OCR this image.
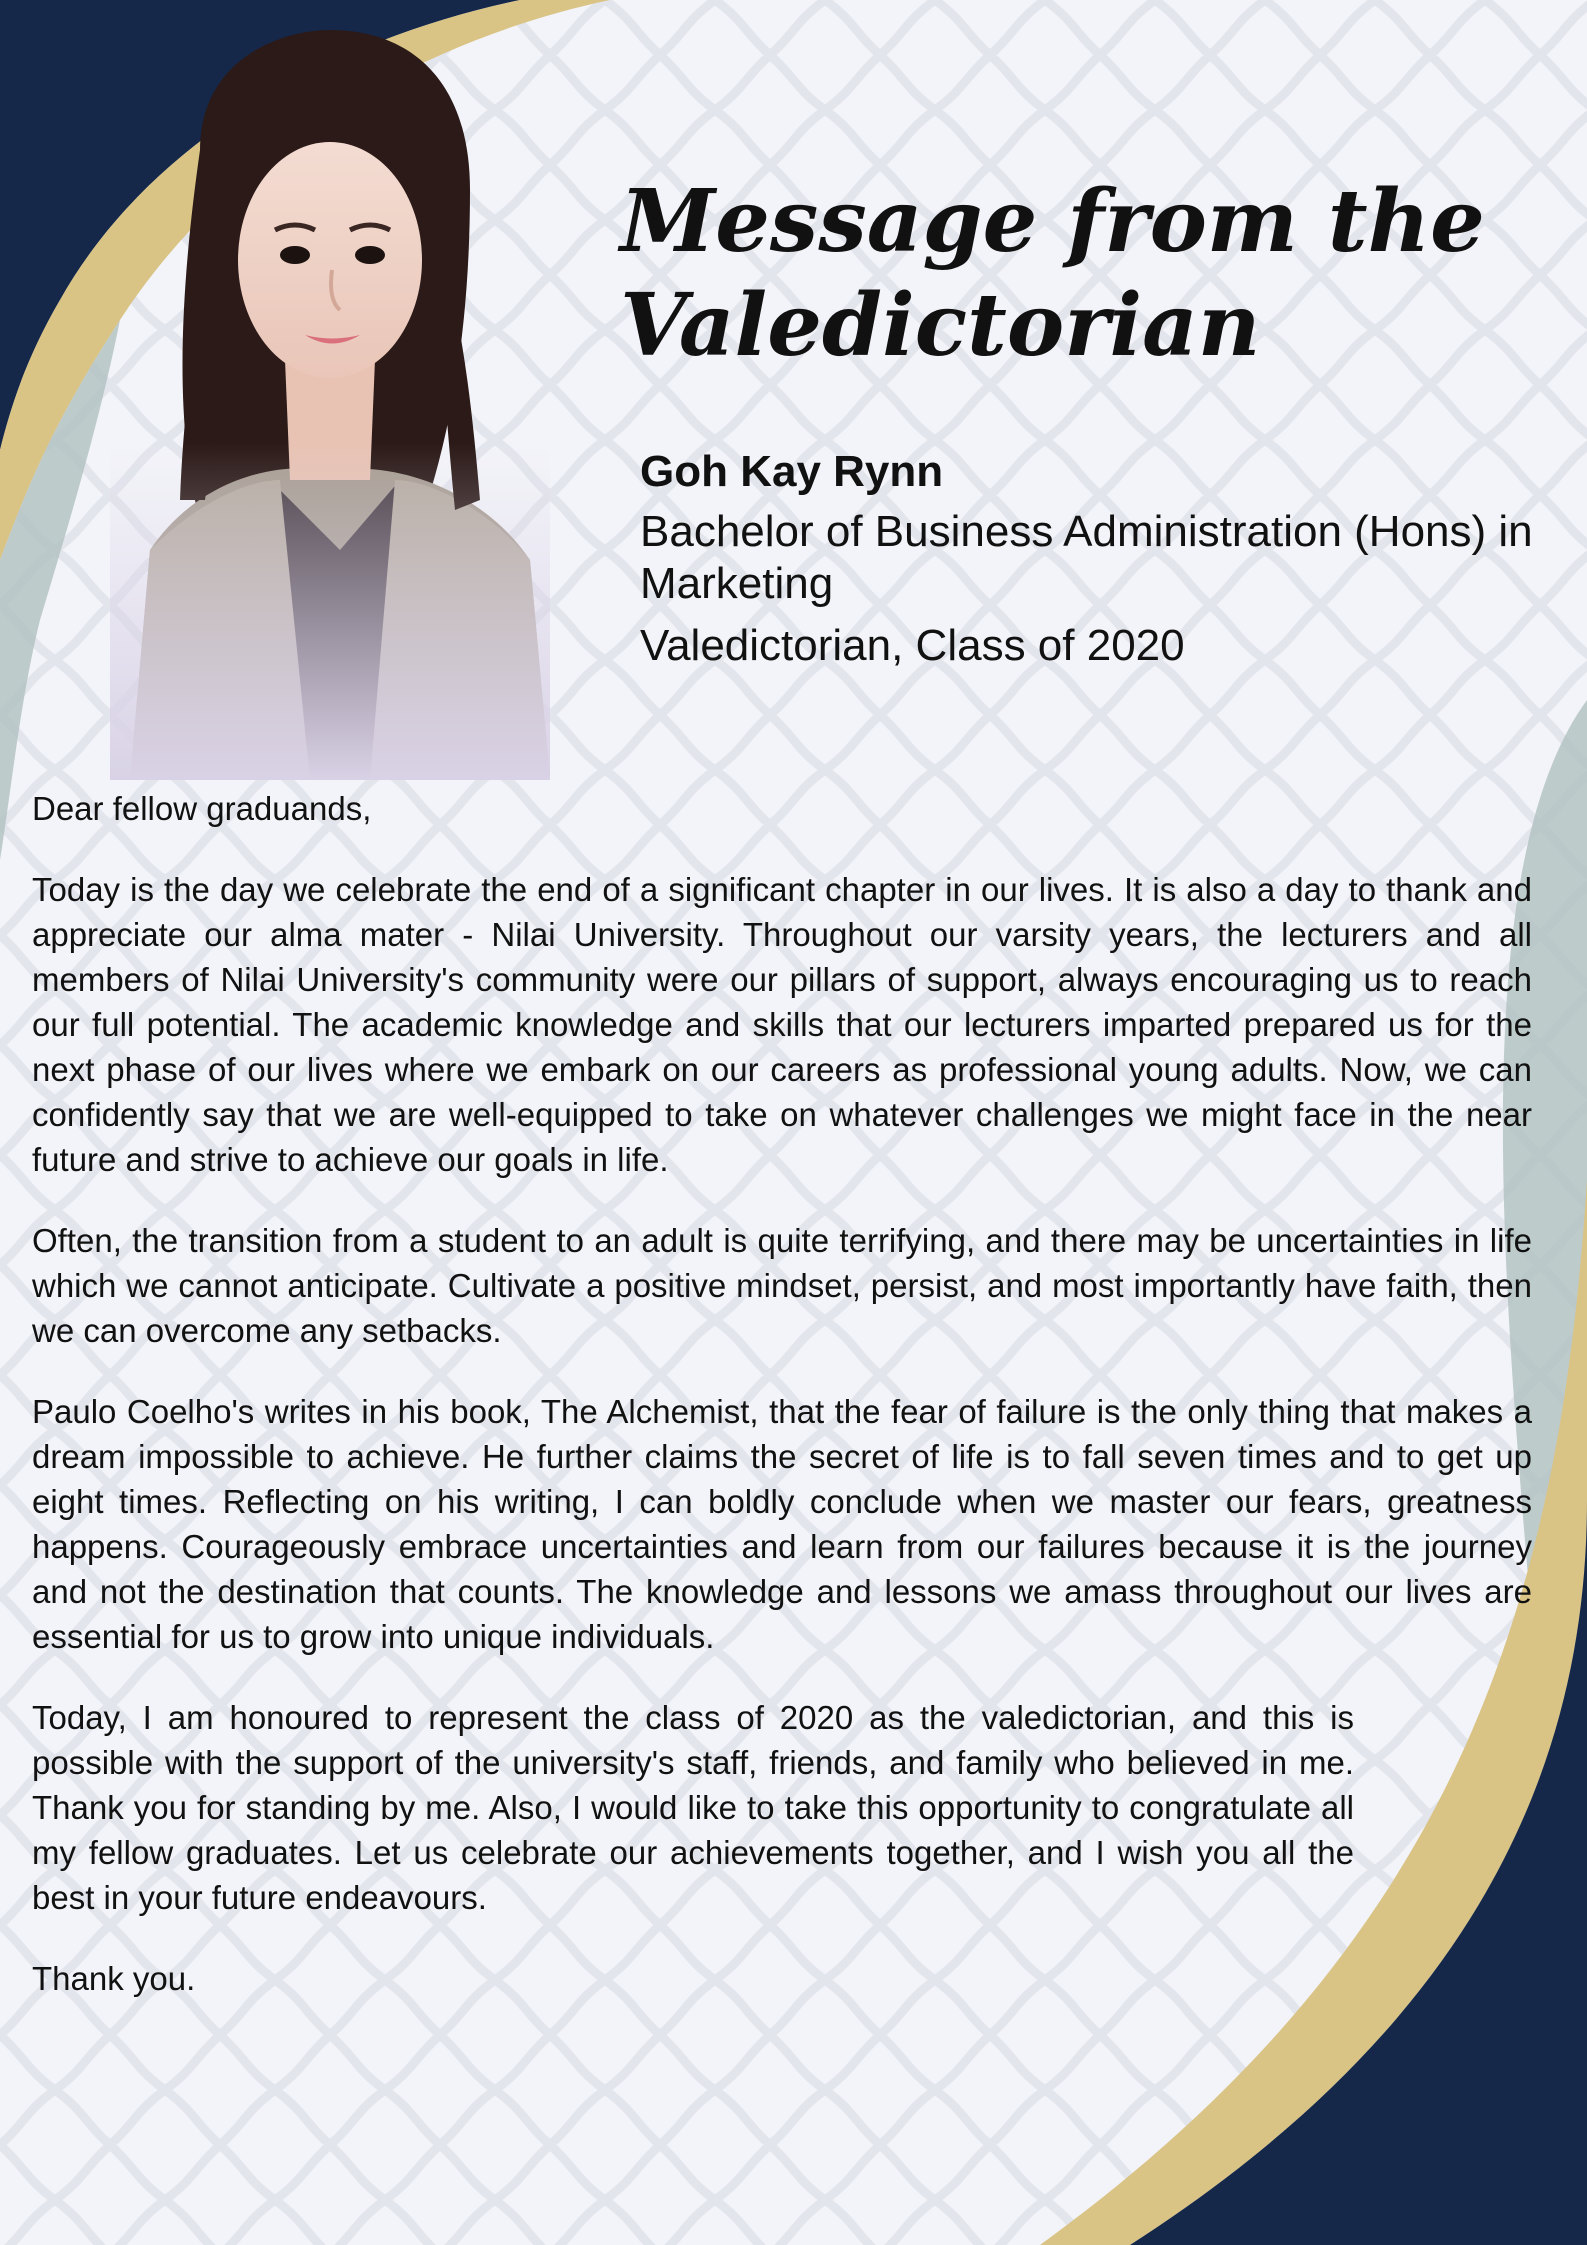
Message from the
Valedictorian
Goh Kay Rynn
Bachelor of Business Administration (Hons) in Marketing
Valedictorian, Class of 2020

Dear fellow graduands,

Today is the day we celebrate the end of a significant chapter in our lives. It is also a day to thank and appreciate our alma mater - Nilai University. Throughout our varsity years, the lecturers and all members of Nilai University's community were our pillars of support, always encouraging us to reach our full potential. The academic knowledge and skills that our lecturers imparted prepared us for the next phase of our lives where we embark on our careers as professional young adults. Now, we can confidently say that we are well-equipped to take on whatever challenges we might face in the near future and strive to achieve our goals in life.

Often, the transition from a student to an adult is quite terrifying, and there may be uncertainties in life which we cannot anticipate. Cultivate a positive mindset, persist, and most importantly have faith, then we can overcome any setbacks.

Paulo Coelho's writes in his book, The Alchemist, that the fear of failure is the only thing that makes a dream impossible to achieve. He further claims the secret of life is to fall seven times and to get up eight times. Reflecting on his writing, I can boldly conclude when we master our fears, greatness happens. Courageously embrace uncertainties and learn from our failures because it is the journey and not the destination that counts. The knowledge and lessons we amass throughout our lives are essential for us to grow into unique individuals.

Today, I am honoured to represent the class of 2020 as the valedictorian, and this is possible with the support of the university's staff, friends, and family who believed in me. Thank you for standing by me. Also, I would like to take this opportunity to congratulate all my fellow graduates. Let us celebrate our achievements together, and I wish you all the best in your future endeavours.

Thank you.
